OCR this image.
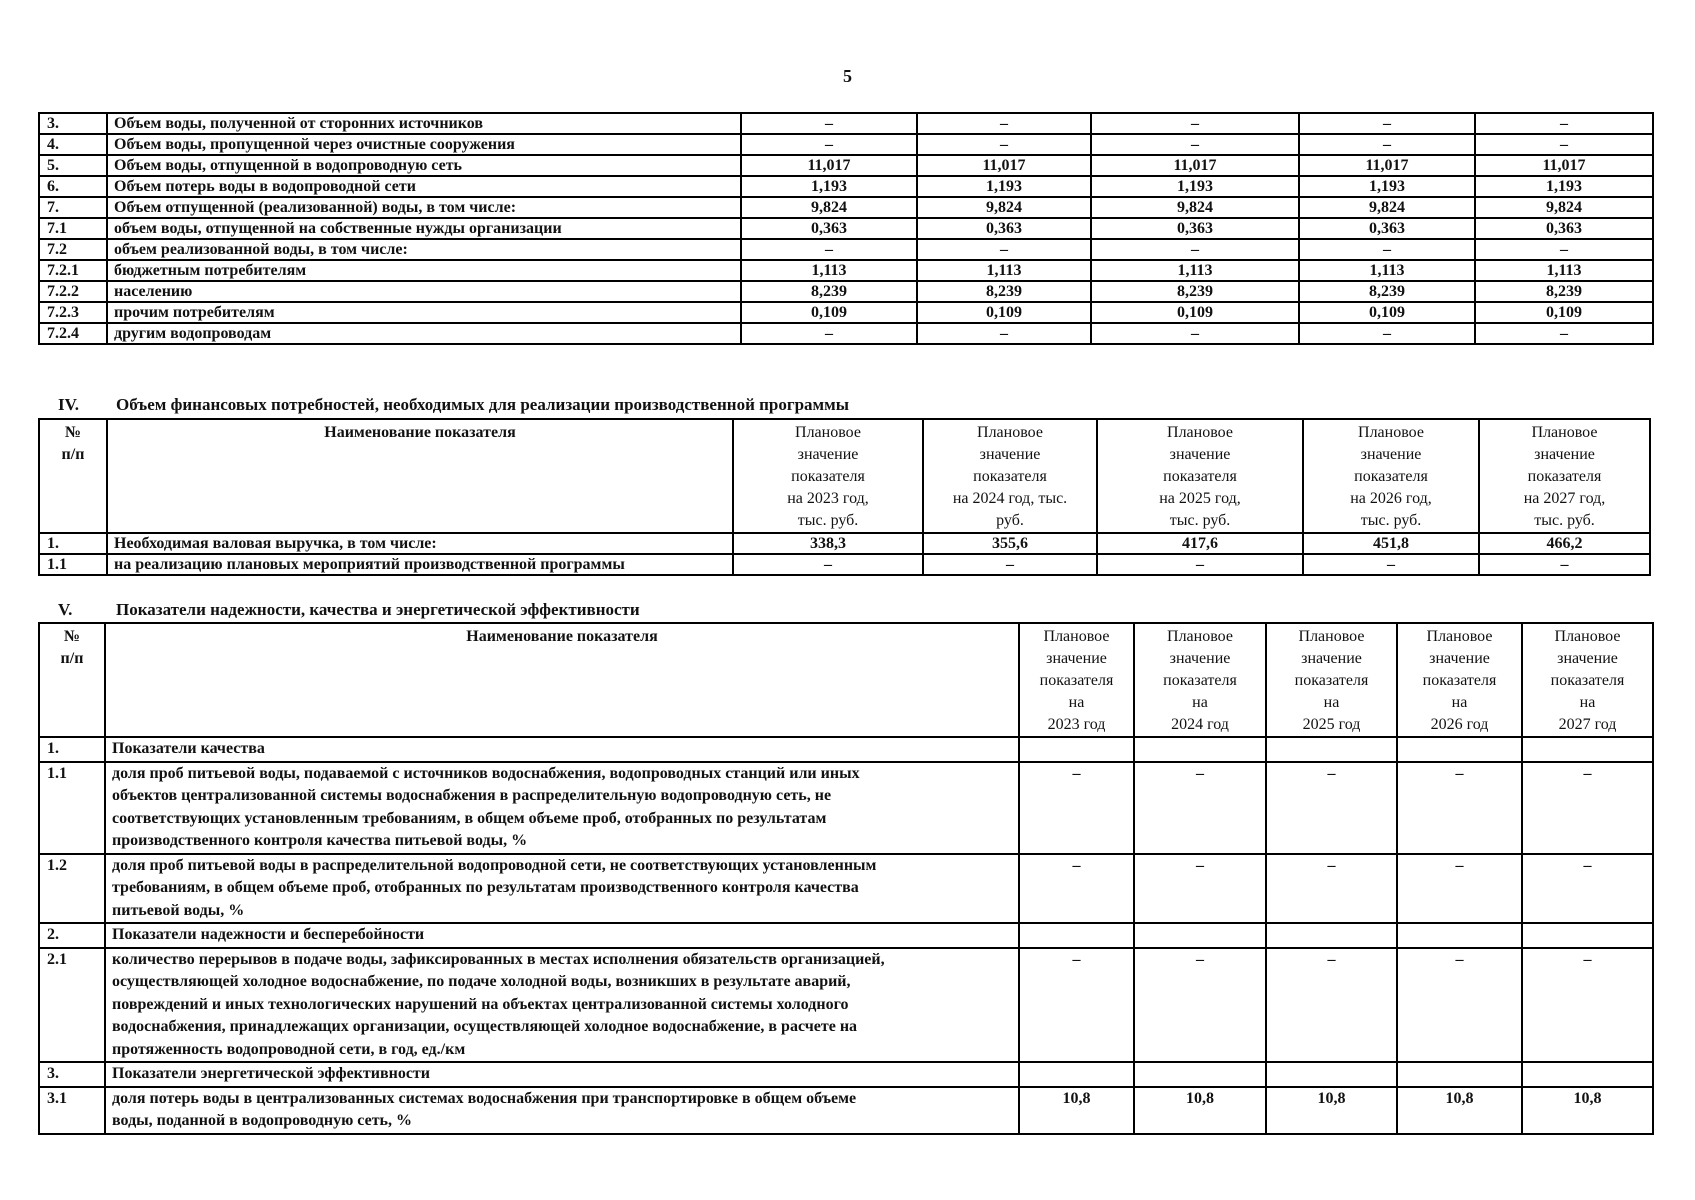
5
3.	Объем воды, полученной от сторонних источников	–	–	–	–	–
4.	Объем воды, пропущенной через очистные сооружения	–	–	–	–	–
5.	Объем воды, отпущенной в водопроводную сеть	11,017	11,017	11,017	11,017	11,017
6.	Объем потерь воды в водопроводной сети	1,193	1,193	1,193	1,193	1,193
7.	Объем отпущенной (реализованной) воды, в том числе:	9,824	9,824	9,824	9,824	9,824
7.1	объем воды, отпущенной на собственные нужды организации	0,363	0,363	0,363	0,363	0,363
7.2	объем реализованной воды, в том числе:	–	–	–	–	–
7.2.1	бюджетным потребителям	1,113	1,113	1,113	1,113	1,113
7.2.2	населению	8,239	8,239	8,239	8,239	8,239
7.2.3	прочим потребителям	0,109	0,109	0,109	0,109	0,109
7.2.4	другим водопроводам	–	–	–	–	–
IV. Объем финансовых потребностей, необходимых для реализации производственной программы
№
п/п	Наименование показателя	Плановое
значение
показателя
на 2023 год,
тыс. руб.	Плановое
значение
показателя
на 2024 год, тыс.
руб.	Плановое
значение
показателя
на 2025 год,
тыс. руб.	Плановое
значение
показателя
на 2026 год,
тыс. руб.	Плановое
значение
показателя
на 2027 год,
тыс. руб.
1.	Необходимая валовая выручка, в том числе:	338,3	355,6	417,6	451,8	466,2
1.1	на реализацию плановых мероприятий производственной программы	–	–	–	–	–
V.	Показатели надежности, качества и энергетической эффективности
№
п/п	Наименование показателя	Плановое
значение
показателя
на
2023 год	Плановое
значение
показателя
на
2024 год	Плановое
значение
показателя
на
2025 год	Плановое
значение
показателя
на
2026 год	Плановое
значение
показателя
на
2027 год
1.	Показатели качества					

1.1	доля проб питьевой воды, подаваемой с источников водоснабжения, водопроводных станций или иных
объектов централизованной системы водоснабжения в распределительную водопроводную сеть, не
соответствующих установленным требованиям, в общем объеме проб, отобранных по результатам
производственного контроля качества питьевой воды, %	–	–	–	–	–
1.2	доля проб питьевой воды в распределительной водопроводной сети, не соответствующих установленным
требованиям, в общем объеме проб, отобранных по результатам производственного контроля качества
питьевой воды, %	–	–	–	–	–
2.	Показатели надежности и бесперебойности					

2.1	количество перерывов в подаче воды, зафиксированных в местах исполнения обязательств организацией,
осуществляющей холодное водоснабжение, по подаче холодной воды, возникших в результате аварий,
повреждений и иных технологических нарушений на объектах централизованной системы холодного
водоснабжения, принадлежащих организации, осуществляющей холодное водоснабжение, в расчете на
протяженность водопроводной сети, в год, ед./км	–	–	–	–	–
3.	Показатели энергетической эффективности					

3.1	доля потерь воды в централизованных системах водоснабжения при транспортировке в общем объеме
воды, поданной в водопроводную сеть, %	10,8	10,8	10,8	10,8	10,8
